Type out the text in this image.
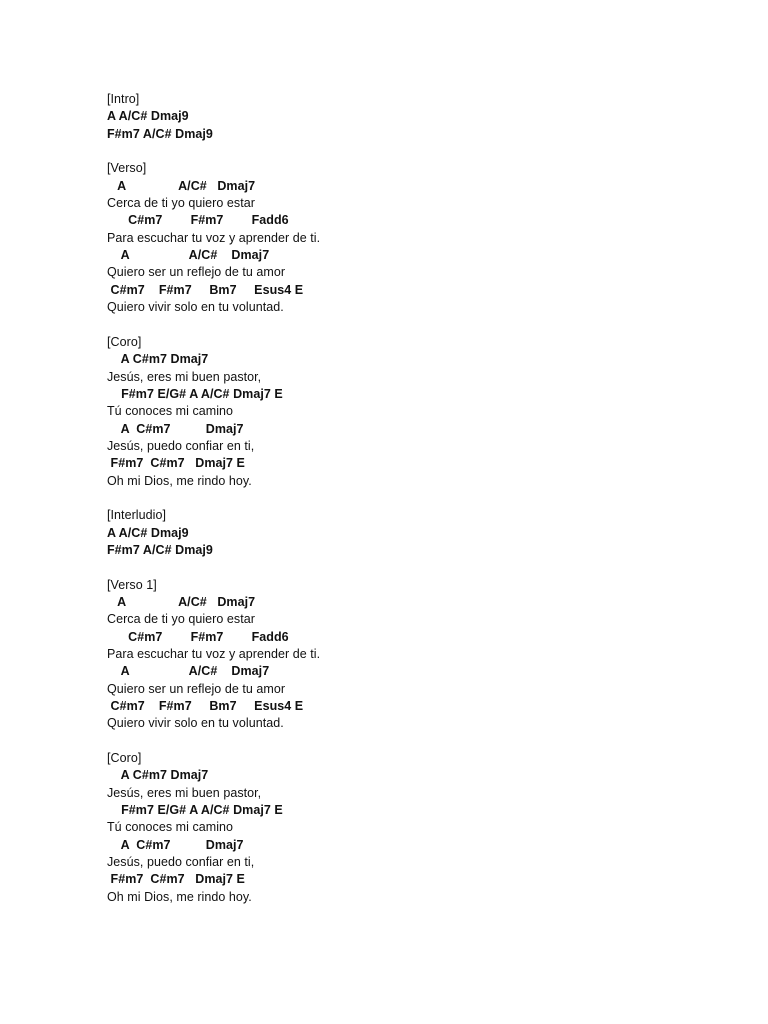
[Intro]
A A/C# Dmaj9
F#m7 A/C# Dmaj9
[Verso]
A               A/C#   Dmaj7
Cerca de ti yo quiero estar
C#m7        F#m7        Fadd6
Para escuchar tu voz y aprender de ti.
A                 A/C#    Dmaj7
Quiero ser un reflejo de tu amor
C#m7    F#m7     Bm7     Esus4 E
Quiero vivir solo en tu voluntad.
[Coro]
A C#m7 Dmaj7
Jesús, eres mi buen pastor,
F#m7 E/G# A A/C# Dmaj7 E
Tú conoces mi camino
A  C#m7          Dmaj7
Jesús, puedo confiar en ti,
F#m7  C#m7   Dmaj7 E
Oh mi Dios, me rindo hoy.
[Interludio]
A A/C# Dmaj9
F#m7 A/C# Dmaj9
[Verso 1]
A               A/C#   Dmaj7
Cerca de ti yo quiero estar
C#m7        F#m7        Fadd6
Para escuchar tu voz y aprender de ti.
A                 A/C#    Dmaj7
Quiero ser un reflejo de tu amor
C#m7    F#m7     Bm7     Esus4 E
Quiero vivir solo en tu voluntad.
[Coro]
A C#m7 Dmaj7
Jesús, eres mi buen pastor,
F#m7 E/G# A A/C# Dmaj7 E
Tú conoces mi camino
A  C#m7          Dmaj7
Jesús, puedo confiar en ti,
F#m7  C#m7   Dmaj7 E
Oh mi Dios, me rindo hoy.
